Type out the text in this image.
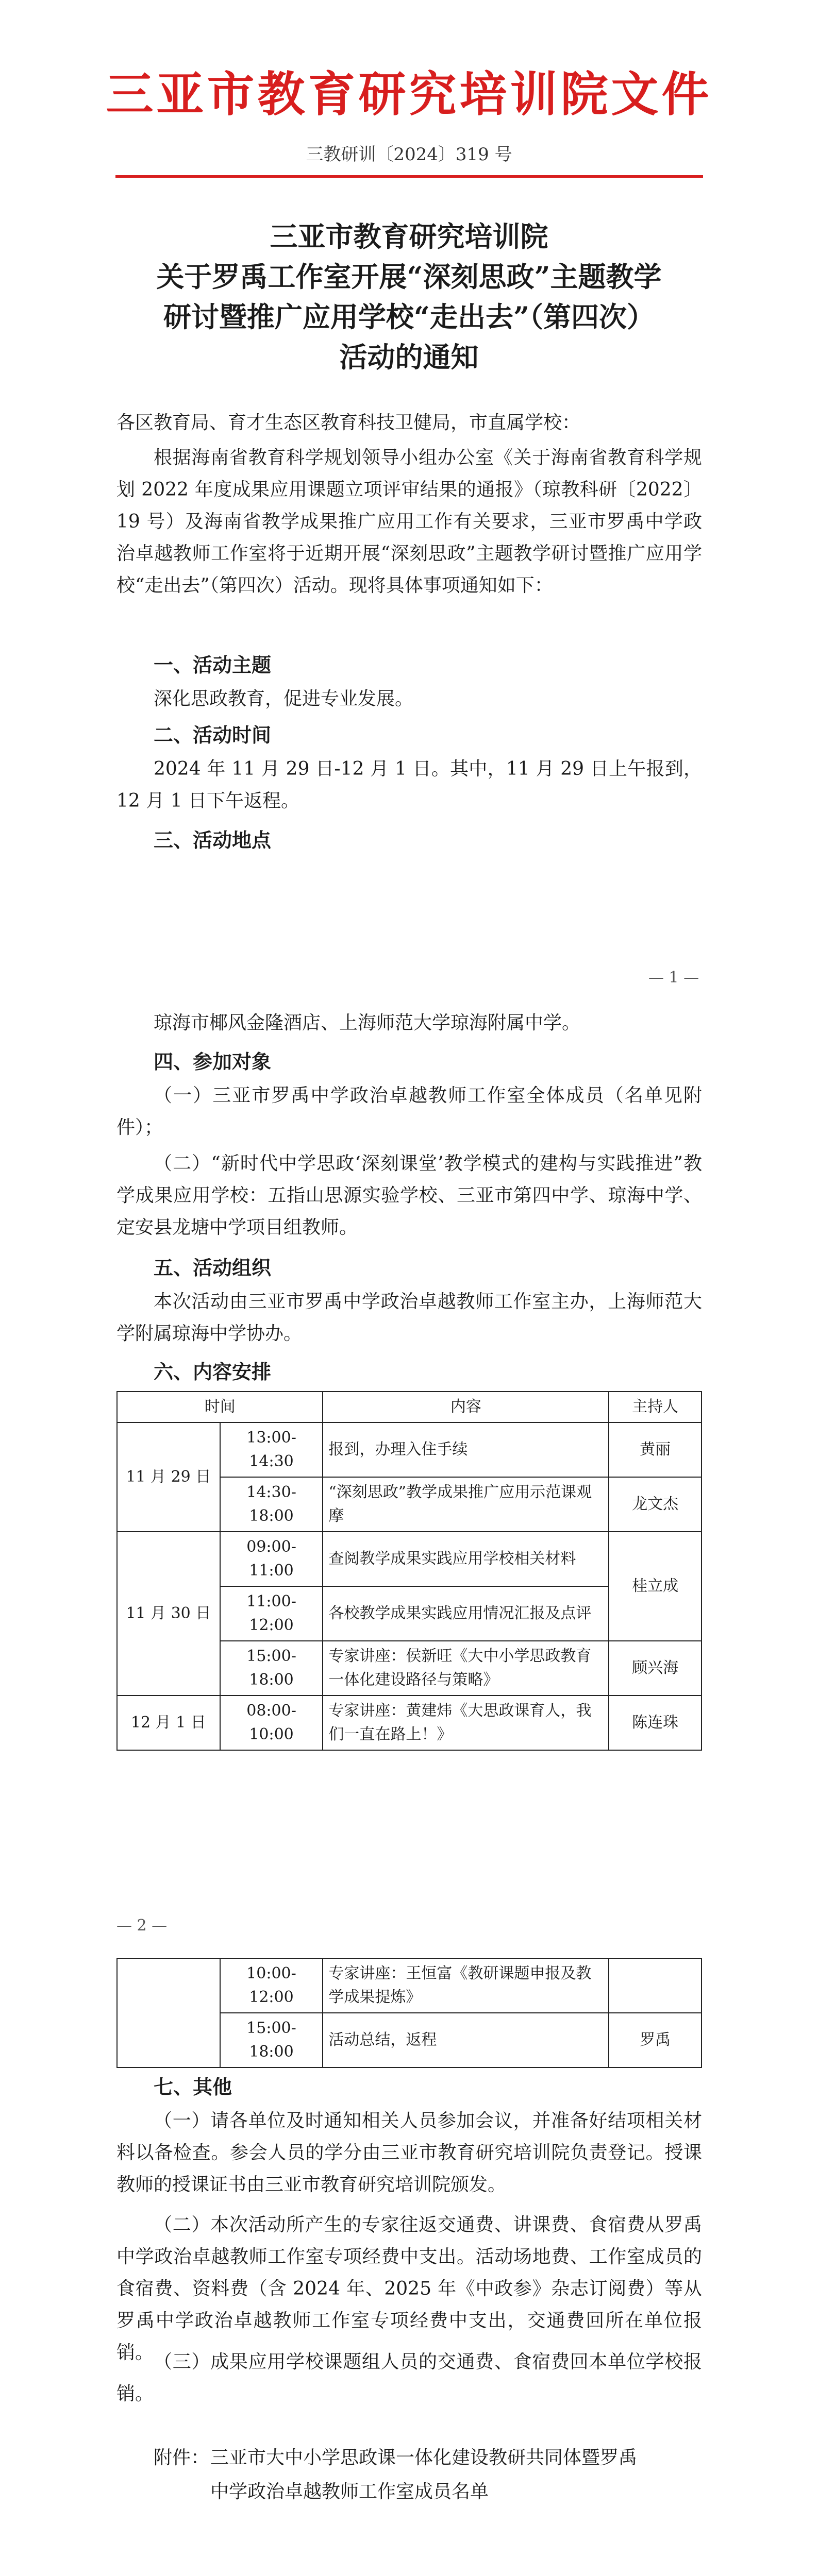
三亚市教育研究培训院文件
三教研训〔2024〕319 号
三亚市教育研究培训院
关于罗禹工作室开展“深刻思政”主题教学
研讨暨推广应用学校“走出去”（第四次）
活动的通知
各区教育局、育才生态区教育科技卫健局，市直属学校：
根据海南省教育科学规划领导小组办公室《关于海南省教育科学规划 2022 年度成果应用课题立项评审结果的通报》（琼教科研〔2022〕19 号）及海南省教学成果推广应用工作有关要求，三亚市罗禹中学政治卓越教师工作室将于近期开展“深刻思政”主题教学研讨暨推广应用学校“走出去”（第四次）活动。现将具体事项通知如下：
一、活动主题
深化思政教育，促进专业发展。
二、活动时间
2024 年 11 月 29 日-12 月 1 日。其中，11 月 29 日上午报到，12 月 1 日下午返程。
三、活动地点
— 1 —
琼海市椰风金隆酒店、上海师范大学琼海附属中学。
四、参加对象
（一）三亚市罗禹中学政治卓越教师工作室全体成员（名单见附件）；
（二）“新时代中学思政‘深刻课堂’教学模式的建构与实践推进”教学成果应用学校：五指山思源实验学校、三亚市第四中学、琼海中学、定安县龙塘中学项目组教师。
五、活动组织
本次活动由三亚市罗禹中学政治卓越教师工作室主办，上海师范大学附属琼海中学协办。
六、内容安排
时间		内容	主持人
11 月 29 日	13:00-14:30	报到，办理入住手续	黄丽
	14:30-18:00	“深刻思政”教学成果推广应用示范课观摩	龙文杰
11 月 30 日	09:00-11:00	查阅教学成果实践应用学校相关材料	桂立成
	11:00-12:00	各校教学成果实践应用情况汇报及点评	
	15:00-18:00	专家讲座：侯新旺《大中小学思政教育一体化建设路径与策略》	顾兴海
12 月 1 日	08:00-10:00	专家讲座：黄建炜《大思政课育人，我们一直在路上！》	陈连珠
— 2 —
	10:00-12:00	专家讲座：王恒富《教研课题申报及教学成果提炼》	
	15:00-18:00	活动总结，返程	罗禹
七、其他
（一）请各单位及时通知相关人员参加会议，并准备好结项相关材料以备检查。参会人员的学分由三亚市教育研究培训院负责登记。授课教师的授课证书由三亚市教育研究培训院颁发。
（二）本次活动所产生的专家往返交通费、讲课费、食宿费从罗禹中学政治卓越教师工作室专项经费中支出。活动场地费、工作室成员的食宿费、资料费（含 2024 年、2025 年《中政参》杂志订阅费）等从罗禹中学政治卓越教师工作室专项经费中支出，交通费回所在单位报销。 （三）成果应用学校课题组人员的交通费、食宿费回本单位学校报销。
附件： 三亚市大中小学思政课一体化建设教研共同体暨罗禹
中学政治卓越教师工作室成员名单
